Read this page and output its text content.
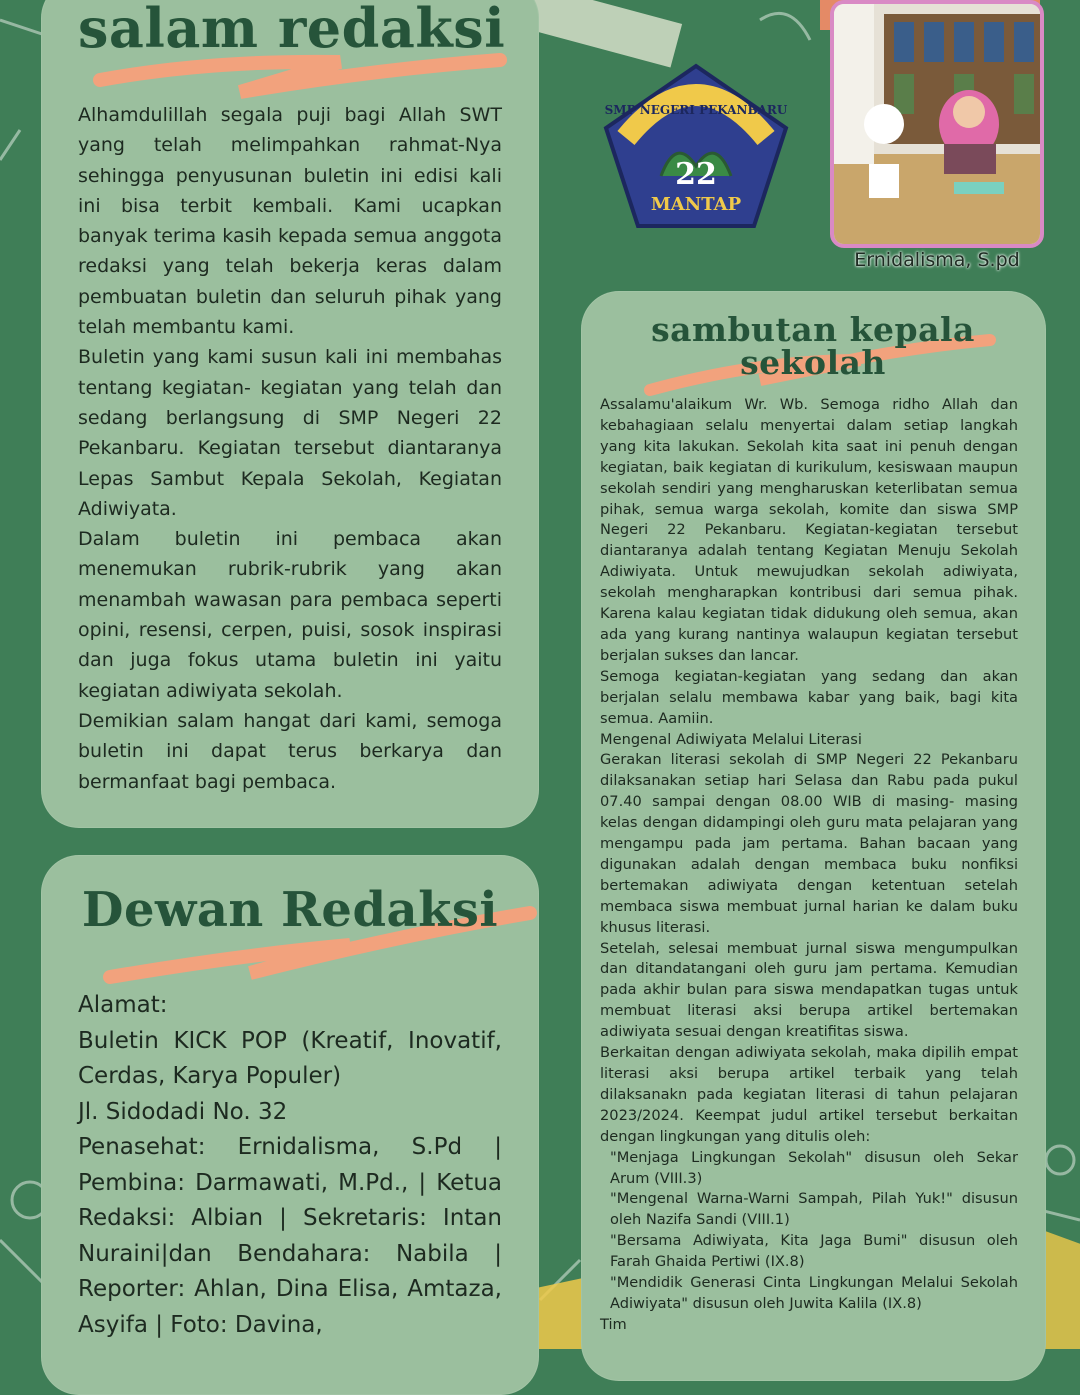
salam redaksi

Alhamdulillah segala puji bagi Allah SWT yang telah melimpahkan rahmat-Nya sehingga penyusunan buletin ini edisi kali ini bisa terbit kembali. Kami ucapkan banyak terima kasih kepada semua anggota redaksi yang telah bekerja keras dalam pembuatan buletin dan seluruh pihak yang telah membantu kami.

Buletin yang kami susun kali ini membahas tentang kegiatan- kegiatan yang telah dan sedang berlangsung di SMP Negeri 22 Pekanbaru. Kegiatan tersebut diantaranya Lepas Sambut Kepala Sekolah, Kegiatan Adiwiyata.

Dalam buletin ini pembaca akan menemukan rubrik-rubrik yang akan menambah wawasan para pembaca seperti opini, resensi, cerpen, puisi, sosok inspirasi dan juga fokus utama buletin ini yaitu kegiatan adiwiyata sekolah.

Demikian salam hangat dari kami, semoga buletin ini dapat terus berkarya dan bermanfaat bagi pembaca.

SMP NEGERI PEKANBARU
22
MANTAP
Ernidalisma, S.pd
sambutan kepala
sekolah

Assalamu'alaikum Wr. Wb. Semoga ridho Allah dan kebahagiaan selalu menyertai dalam setiap langkah yang kita lakukan. Sekolah kita saat ini penuh dengan kegiatan, baik kegiatan di kurikulum, kesiswaan maupun sekolah sendiri yang mengharuskan keterlibatan semua pihak, semua warga sekolah, komite dan siswa SMP Negeri 22 Pekanbaru. Kegiatan-kegiatan tersebut diantaranya adalah tentang Kegiatan Menuju Sekolah Adiwiyata. Untuk mewujudkan sekolah adiwiyata, sekolah mengharapkan kontribusi dari semua pihak. Karena kalau kegiatan tidak didukung oleh semua, akan ada yang kurang nantinya walaupun kegiatan tersebut berjalan sukses dan lancar.

Semoga kegiatan-kegiatan yang sedang dan akan berjalan selalu membawa kabar yang baik, bagi kita semua. Aamiin.

Mengenal Adiwiyata Melalui Literasi

Gerakan literasi sekolah di SMP Negeri 22 Pekanbaru dilaksanakan setiap hari Selasa dan Rabu pada pukul 07.40 sampai dengan 08.00 WIB di masing- masing kelas dengan didampingi oleh guru mata pelajaran yang mengampu pada jam pertama. Bahan bacaan yang digunakan adalah dengan membaca buku nonfiksi bertemakan adiwiyata dengan ketentuan setelah membaca siswa membuat jurnal harian ke dalam buku khusus literasi.

Setelah, selesai membuat jurnal siswa mengumpulkan dan ditandatangani oleh guru jam pertama. Kemudian pada akhir bulan para siswa mendapatkan tugas untuk membuat literasi aksi berupa artikel bertemakan adiwiyata sesuai dengan kreatifitas siswa.

Berkaitan dengan adiwiyata sekolah, maka dipilih empat literasi aksi berupa artikel terbaik yang telah dilaksanakn pada kegiatan literasi di tahun pelajaran 2023/2024. Keempat judul artikel tersebut berkaitan dengan lingkungan yang ditulis oleh:

"Menjaga Lingkungan Sekolah" disusun oleh Sekar Arum (VIII.3)

"Mengenal Warna-Warni Sampah, Pilah Yuk!" disusun oleh Nazifa Sandi (VIII.1)

"Bersama Adiwiyata, Kita Jaga Bumi" disusun oleh Farah Ghaida Pertiwi (IX.8)

"Mendidik Generasi Cinta Lingkungan Melalui Sekolah Adiwiyata" disusun oleh Juwita Kalila (IX.8)

Tim

Dewan Redaksi

Alamat:

Buletin KICK POP (Kreatif, Inovatif, Cerdas, Karya Populer)

Jl. Sidodadi No. 32

Penasehat: Ernidalisma, S.Pd | Pembina: Darmawati, M.Pd., | Ketua Redaksi: Albian | Sekretaris: Intan Nuraini|dan Bendahara: Nabila | Reporter: Ahlan, Dina Elisa, Amtaza, Asyifa | Foto: Davina,
